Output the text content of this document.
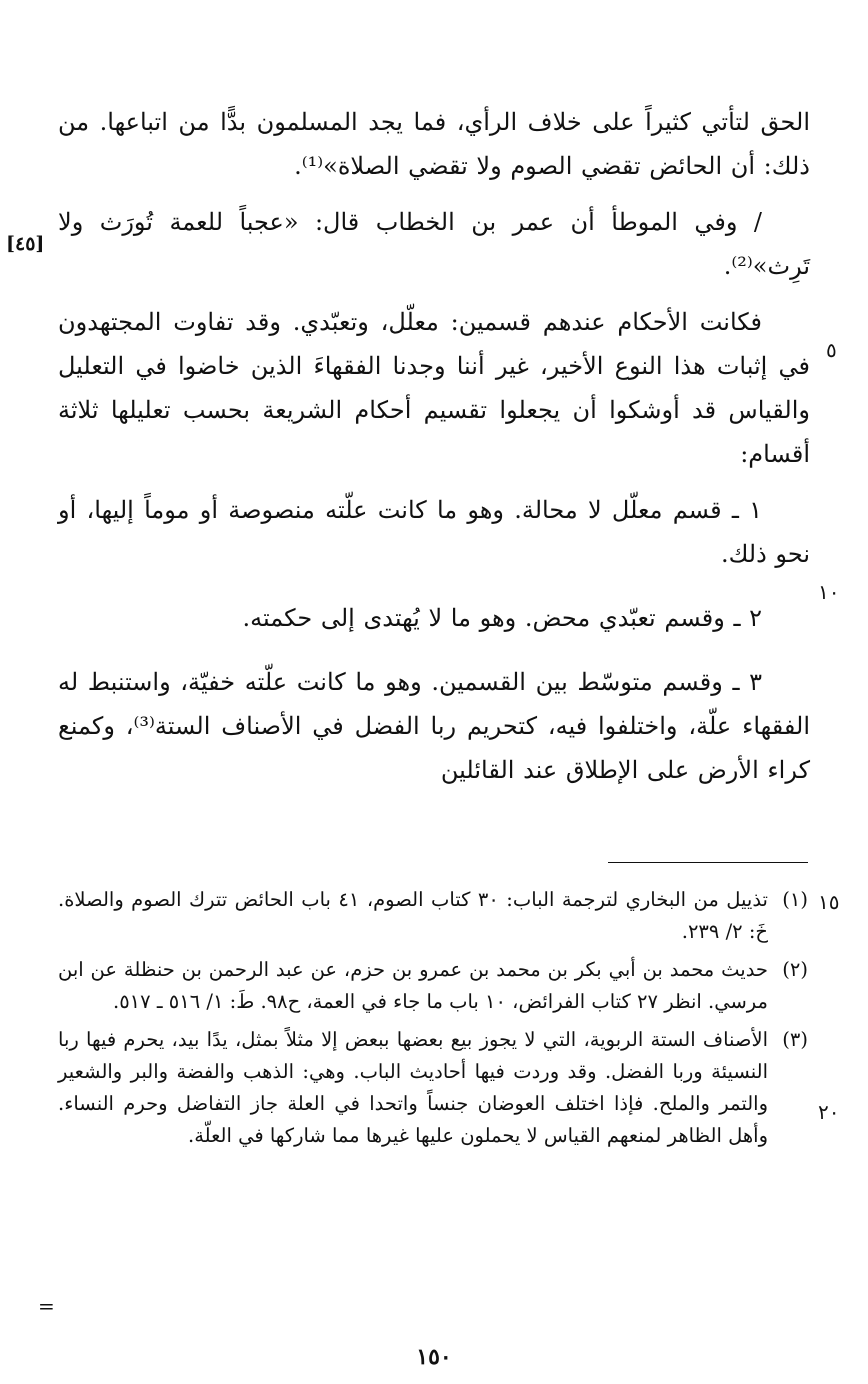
الحق لتأتي كثيراً على خلاف الرأي، فما يجد المسلمون بدًّا من اتباعها. من ذلك: أن الحائض تقضي الصوم ولا تقضي الصلاة»⁽¹⁾.

/ وفي الموطأ أن عمر بن الخطاب قال: «عجباً للعمة تُورَث ولا تَرِث»⁽²⁾.

فكانت الأحكام عندهم قسمين: معلّل، وتعبّدي. وقد تفاوت المجتهدون في إثبات هذا النوع الأخير، غير أننا وجدنا الفقهاءَ الذين خاضوا في التعليل والقياس قد أوشكوا أن يجعلوا تقسيم أحكام الشريعة بحسب تعليلها ثلاثة أقسام:

١ ـ قسم معلّل لا محالة. وهو ما كانت علّته منصوصة أو موماً إليها، أو نحو ذلك.

٢ ـ وقسم تعبّدي محض. وهو ما لا يُهتدى إلى حكمته.

٣ ـ وقسم متوسّط بين القسمين. وهو ما كانت علّته خفيّة، واستنبط له الفقهاء علّة، واختلفوا فيه، كتحريم ربا الفضل في الأصناف الستة⁽³⁾، وكمنع كراء الأرض على الإطلاق عند القائلين

[٤٥]
٥
١٠
(١)
تذييل من البخاري لترجمة الباب: ٣٠ كتاب الصوم، ٤١ باب الحائض تترك الصوم والصلاة. خَ: ٢/ ٢٣٩.
(٢)
حديث محمد بن أبي بكر بن محمد بن عمرو بن حزم، عن عبد الرحمن بن حنظلة عن ابن مرسي. انظر ٢٧ كتاب الفرائض، ١٠ باب ما جاء في العمة، ح٩٨. طَ: ١/ ٥١٦ ـ ٥١٧.
(٣)
الأصناف الستة الربوية، التي لا يجوز بيع بعضها ببعض إلا مثلاً بمثل، يدًا بيد، يحرم فيها ربا النسيئة وربا الفضل. وقد وردت فيها أحاديث الباب. وهي: الذهب والفضة والبر والشعير والتمر والملح. فإذا اختلف العوضان جنساً واتحدا في العلة جاز التفاضل وحرم النساء. وأهل الظاهر لمنعهم القياس لا يحملون عليها غيرها مما شاركها في العلّة.
١٥
٢٠
=
١٥٠
